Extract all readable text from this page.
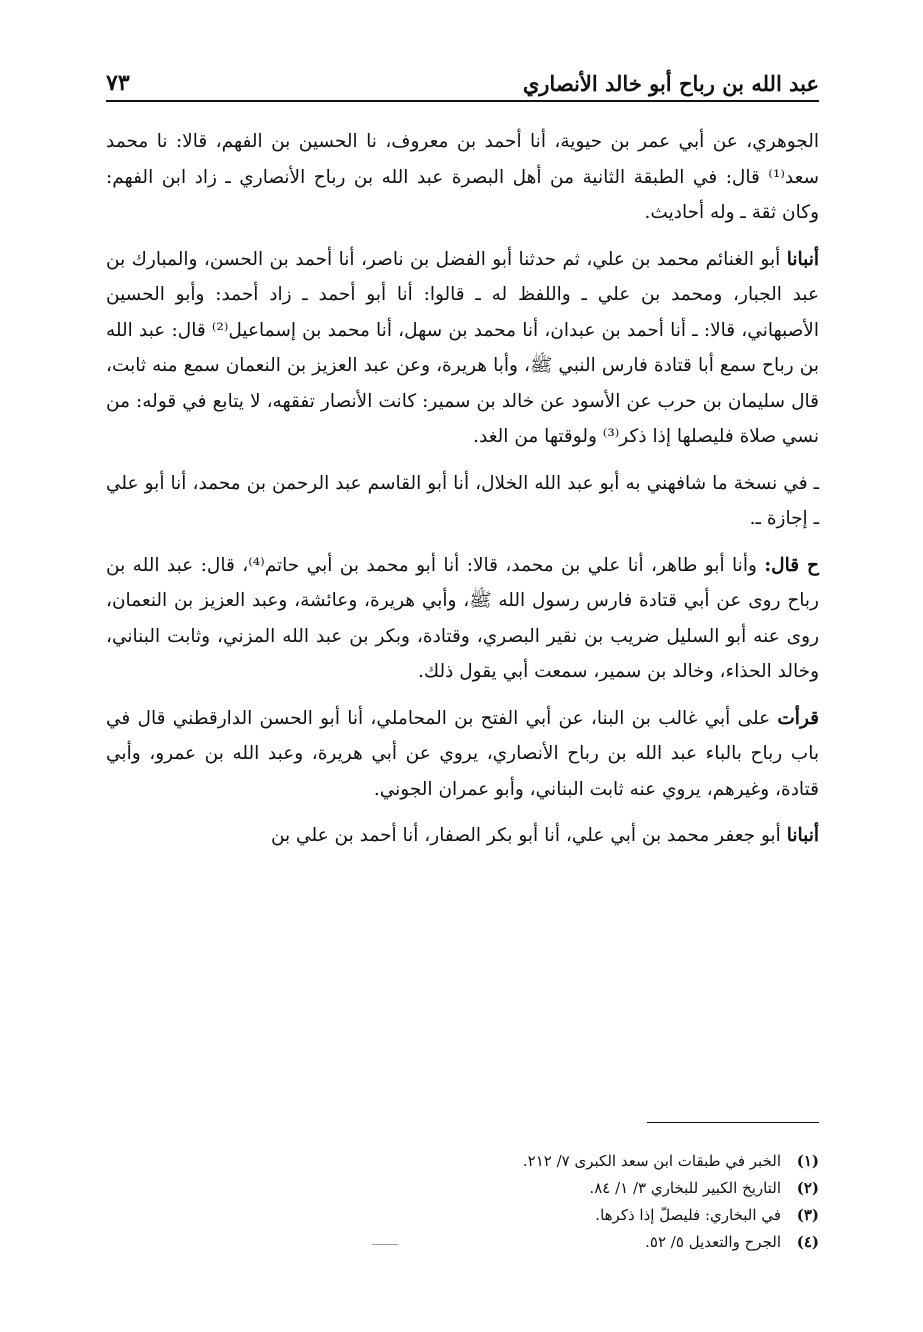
عبد الله بن رباح أبو خالد الأنصاري
٧٣

الجوهري، عن أبي عمر بن حيوية، أنا أحمد بن معروف، نا الحسين بن الفهم، قالا: نا محمد سعد⁽¹⁾ قال: في الطبقة الثانية من أهل البصرة عبد الله بن رباح الأنصاري ـ زاد ابن الفهم: وكان ثقة ـ وله أحاديث.

أنبانا أبو الغنائم محمد بن علي، ثم حدثنا أبو الفضل بن ناصر، أنا أحمد بن الحسن، والمبارك بن عبد الجبار، ومحمد بن علي ـ واللفظ له ـ قالوا: أنا أبو أحمد ـ زاد أحمد: وأبو الحسين الأصبهاني، قالا: ـ أنا أحمد بن عبدان، أنا محمد بن سهل، أنا محمد بن إسماعيل⁽²⁾ قال: عبد الله بن رباح سمع أبا قتادة فارس النبي ﷺ، وأبا هريرة، وعن عبد العزيز بن النعمان سمع منه ثابت، قال سليمان بن حرب عن الأسود عن خالد بن سمير: كانت الأنصار تفقهه، لا يتابع في قوله: من نسي صلاة فليصلها إذا ذكر⁽³⁾ ولوقتها من الغد.

ـ في نسخة ما شافهني به أبو عبد الله الخلال، أنا أبو القاسم عبد الرحمن بن محمد، أنا أبو علي ـ إجازة ـ.

ح قال: وأنا أبو طاهر، أنا علي بن محمد، قالا: أنا أبو محمد بن أبي حاتم⁽⁴⁾، قال: عبد الله بن رباح روى عن أبي قتادة فارس رسول الله ﷺ، وأبي هريرة، وعائشة، وعبد العزيز بن النعمان، روى عنه أبو السليل ضريب بن نقير البصري، وقتادة، وبكر بن عبد الله المزني، وثابت البناني، وخالد الحذاء، وخالد بن سمير، سمعت أبي يقول ذلك.

قرأت على أبي غالب بن البنا، عن أبي الفتح بن المحاملي، أنا أبو الحسن الدارقطني قال في باب رباح بالباء عبد الله بن رباح الأنصاري، يروي عن أبي هريرة، وعبد الله بن عمرو، وأبي قتادة، وغيرهم، يروي عنه ثابت البناني، وأبو عمران الجوني.

أنبانا أبو جعفر محمد بن أبي علي، أنا أبو بكر الصفار، أنا أحمد بن علي بن

(١)
الخبر في طبقات ابن سعد الكبرى ٧/ ٢١٢.
(٢)
التاريخ الكبير للبخاري ٣/ ١/ ٨٤.
(٣)
في البخاري: فليصلّ إذا ذكرها.
(٤)
الجرح والتعديل ٥/ ٥٢.
